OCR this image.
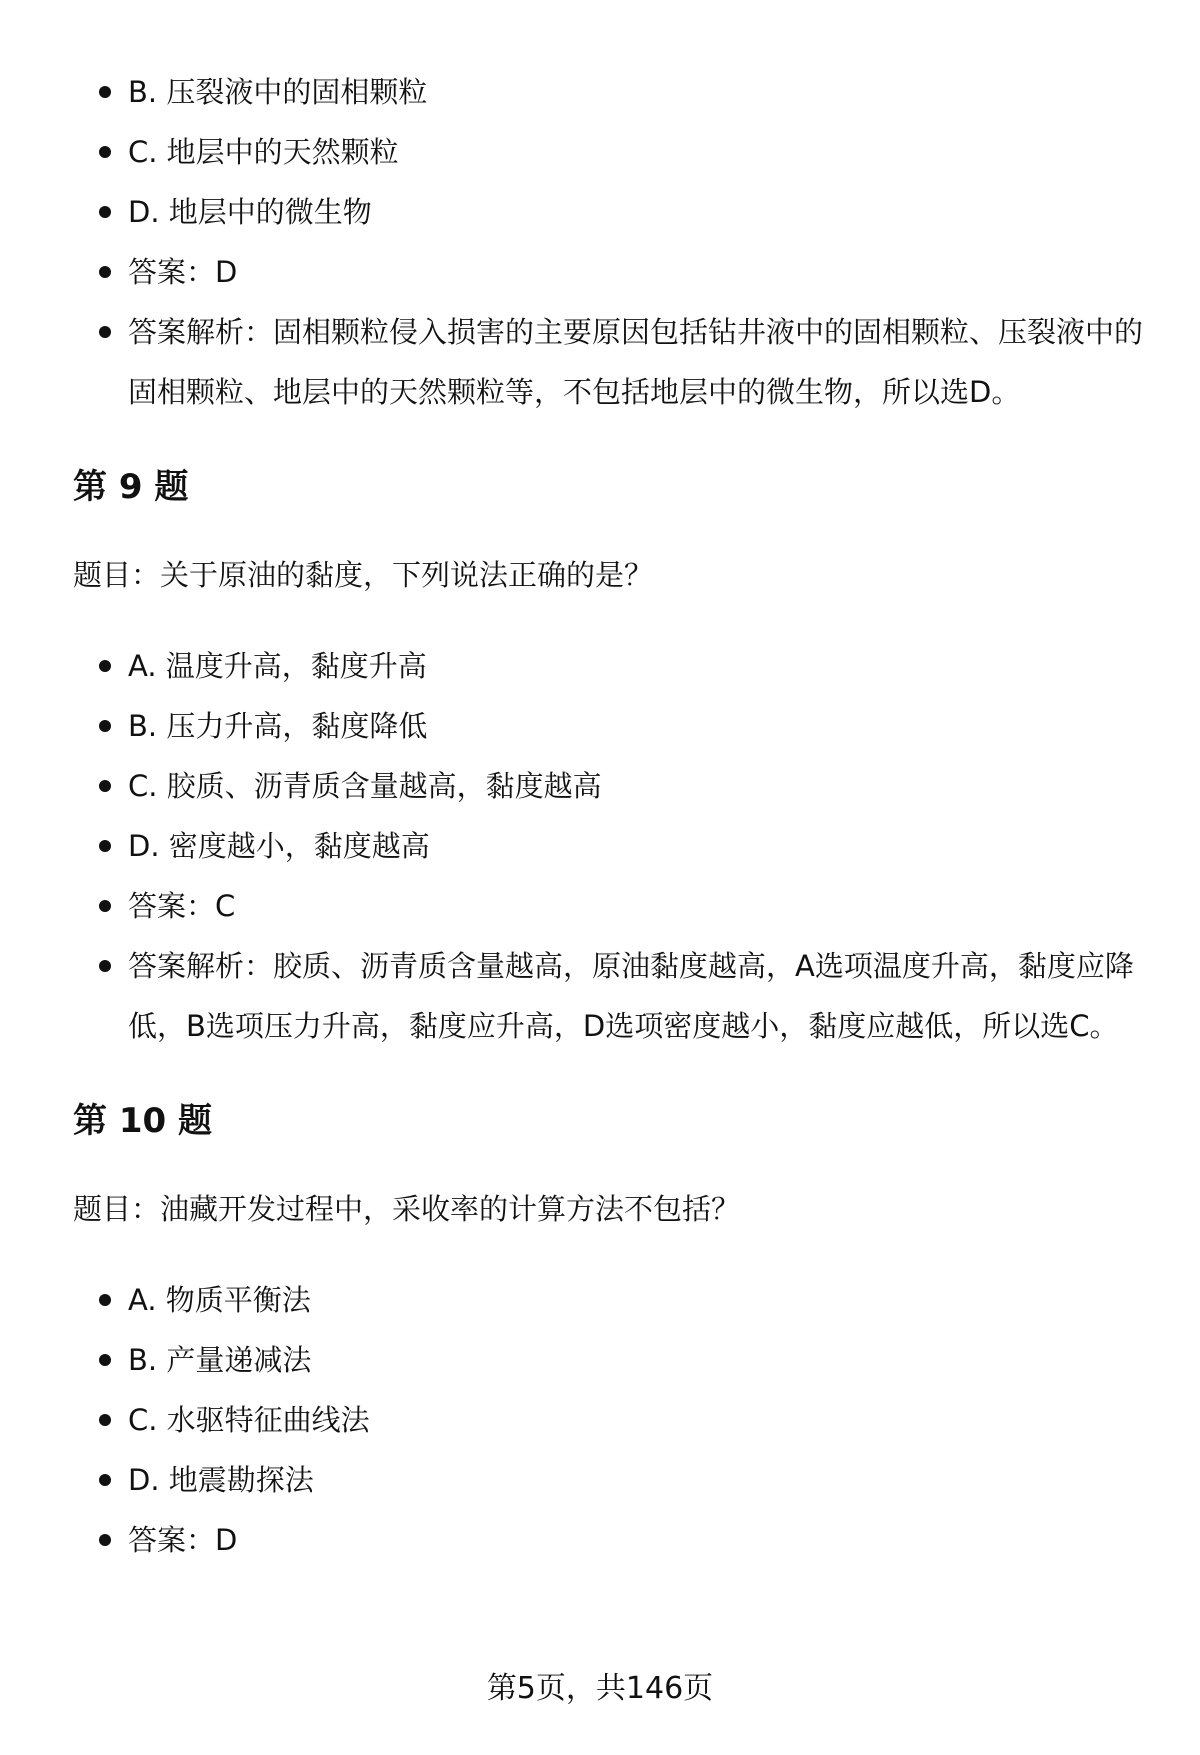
B. 压裂液中的固相颗粒
C. 地层中的天然颗粒
D. 地层中的微生物
答案：D
答案解析：固相颗粒侵入损害的主要原因包括钻井液中的固相颗粒、压裂液中的固相颗粒、地层中的天然颗粒等，不包括地层中的微生物，所以选D。
第 9 题

题目：关于原油的黏度，下列说法正确的是？

A. 温度升高，黏度升高
B. 压力升高，黏度降低
C. 胶质、沥青质含量越高，黏度越高
D. 密度越小，黏度越高
答案：C
答案解析：胶质、沥青质含量越高，原油黏度越高，A选项温度升高，黏度应降低，B选项压力升高，黏度应升高，D选项密度越小，黏度应越低，所以选C。
第 10 题

题目：油藏开发过程中，采收率的计算方法不包括？

A. 物质平衡法
B. 产量递减法
C. 水驱特征曲线法
D. 地震勘探法
答案：D
第5页，共146页
